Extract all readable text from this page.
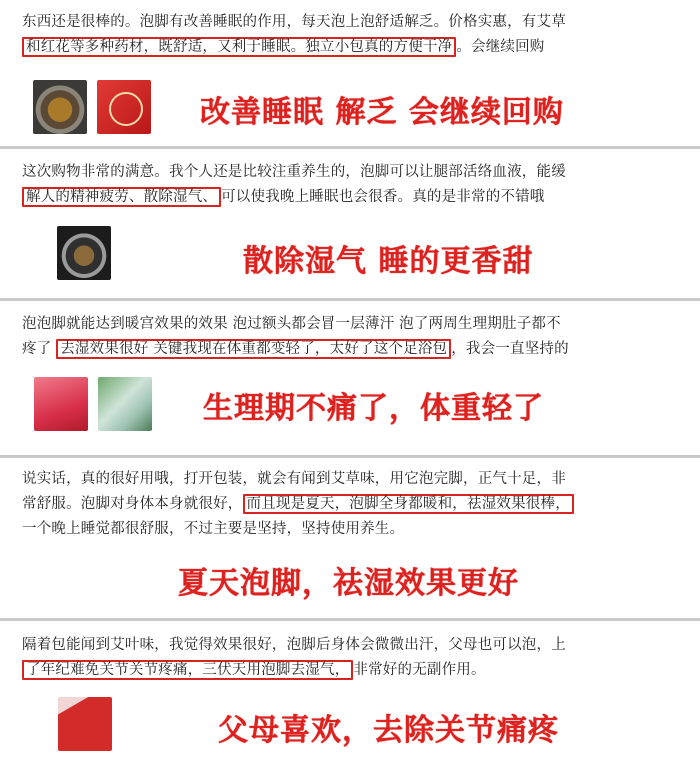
东西还是很棒的。泡脚有改善睡眠的作用，每天泡上泡舒适解乏。价格实惠，有艾草
和红花等多种药材，既舒适，又利于睡眠。独立小包真的方便干净 。会继续回购
改善睡眠 解乏 会继续回购
这次购物非常的满意。我个人还是比较注重养生的，泡脚可以让腿部活络血液，能缓
解人的精神疲劳、散除湿气、 可以使我晚上睡眠也会很香。真的是非常的不错哦
散除湿气 睡的更香甜
泡泡脚就能达到暖宫效果的效果 泡过额头都会冒一层薄汗 泡了两周生理期肚子都不
疼了 去湿效果很好 关键我现在体重都变轻了，太好了这个足浴包 ，我会一直坚持的
生理期不痛了，体重轻了
说实话，真的很好用哦，打开包装，就会有闻到艾草味，用它泡完脚，正气十足，非
常舒服。泡脚对身体本身就很好， 而且现是夏天，泡脚全身都暖和，祛湿效果很棒，
一个晚上睡觉都很舒服，不过主要是坚持，坚持使用养生。
夏天泡脚，祛湿效果更好
隔着包能闻到艾叶味，我觉得效果很好，泡脚后身体会微微出汗，父母也可以泡，上
了年纪难免关节关节疼痛，三伏天用泡脚去湿气， 非常好的无副作用。
父母喜欢，去除关节痛疼
